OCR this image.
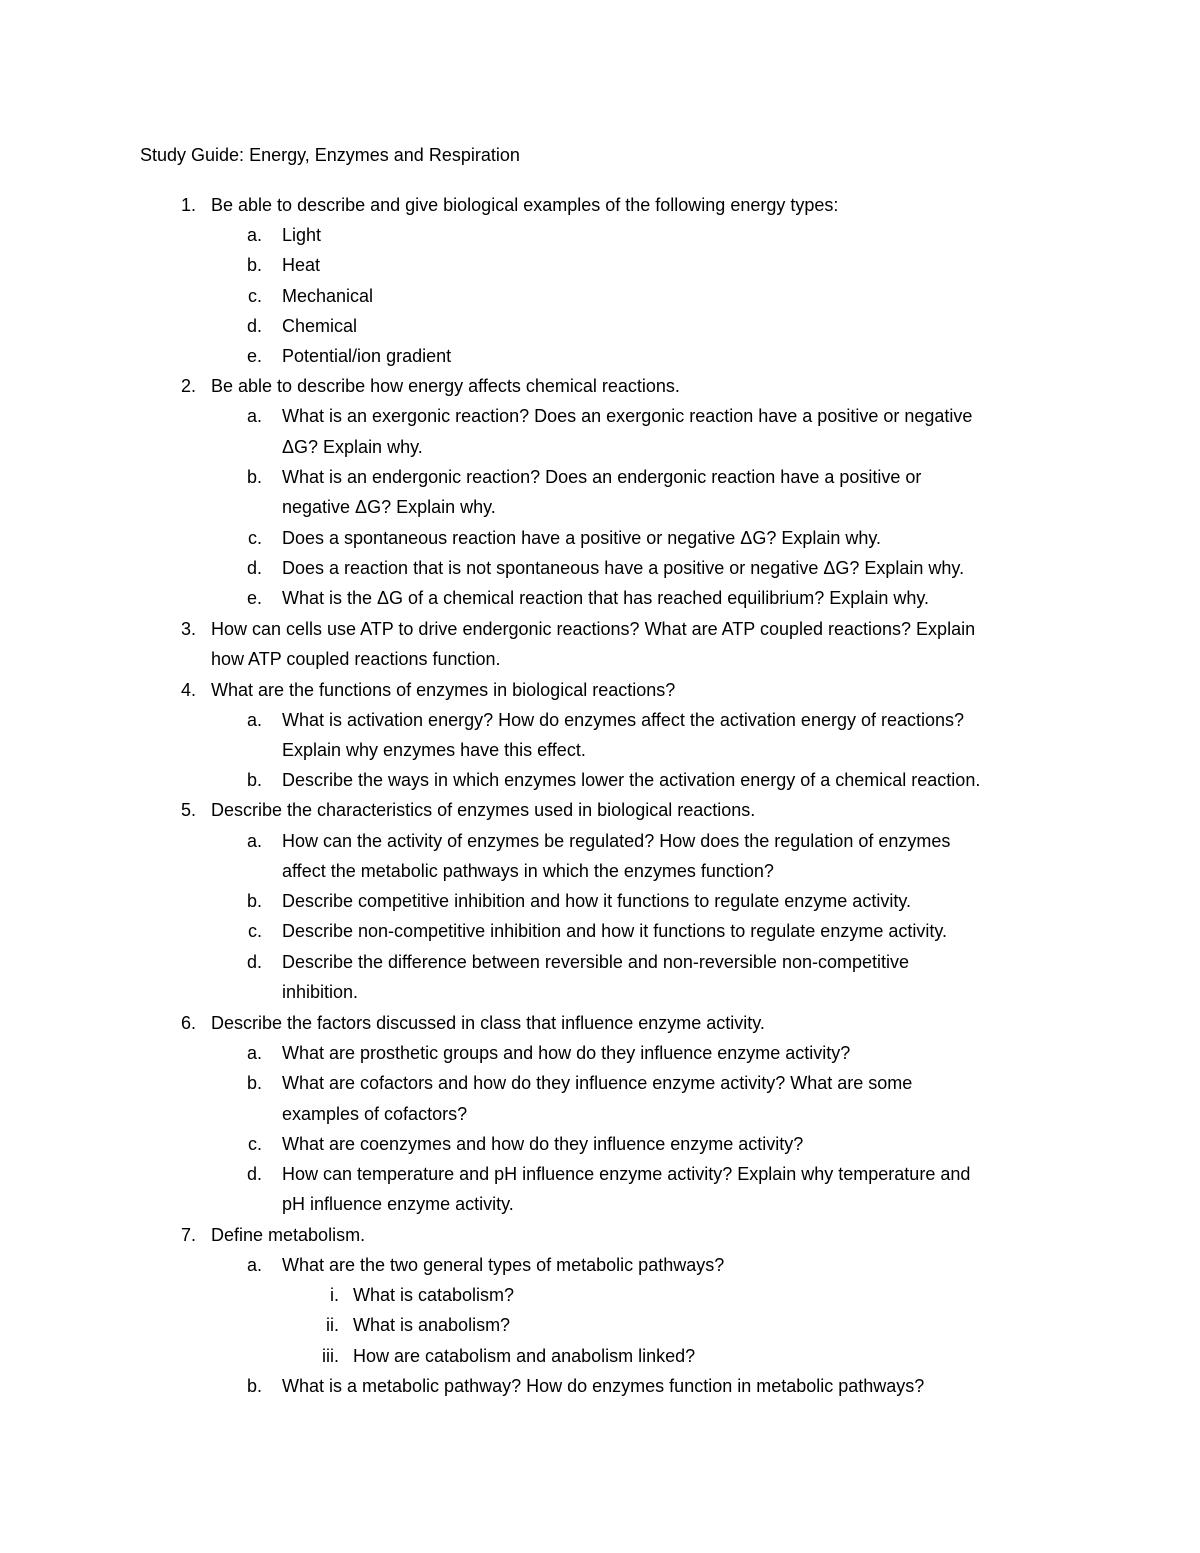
Study Guide: Energy, Enzymes and Respiration
1. Be able to describe and give biological examples of the following energy types:
a. Light
b. Heat
c. Mechanical
d. Chemical
e. Potential/ion gradient
2. Be able to describe how energy affects chemical reactions.
a. What is an exergonic reaction? Does an exergonic reaction have a positive or negative
ΔG? Explain why.
b. What is an endergonic reaction? Does an endergonic reaction have a positive or
negative ΔG? Explain why.
c. Does a spontaneous reaction have a positive or negative ΔG? Explain why.
d. Does a reaction that is not spontaneous have a positive or negative ΔG? Explain why.
e. What is the ΔG of a chemical reaction that has reached equilibrium? Explain why.
3. How can cells use ATP to drive endergonic reactions? What are ATP coupled reactions? Explain
how ATP coupled reactions function.
4. What are the functions of enzymes in biological reactions?
a. What is activation energy? How do enzymes affect the activation energy of reactions?
Explain why enzymes have this effect.
b. Describe the ways in which enzymes lower the activation energy of a chemical reaction.
5. Describe the characteristics of enzymes used in biological reactions.
a. How can the activity of enzymes be regulated? How does the regulation of enzymes
affect the metabolic pathways in which the enzymes function?
b. Describe competitive inhibition and how it functions to regulate enzyme activity.
c. Describe non-competitive inhibition and how it functions to regulate enzyme activity.
d. Describe the difference between reversible and non-reversible non-competitive
inhibition.
6. Describe the factors discussed in class that influence enzyme activity.
a. What are prosthetic groups and how do they influence enzyme activity?
b. What are cofactors and how do they influence enzyme activity? What are some
examples of cofactors?
c. What are coenzymes and how do they influence enzyme activity?
d. How can temperature and pH influence enzyme activity? Explain why temperature and
pH influence enzyme activity.
7. Define metabolism.
a. What are the two general types of metabolic pathways?
i. What is catabolism?
ii. What is anabolism?
iii. How are catabolism and anabolism linked?
b. What is a metabolic pathway? How do enzymes function in metabolic pathways?
